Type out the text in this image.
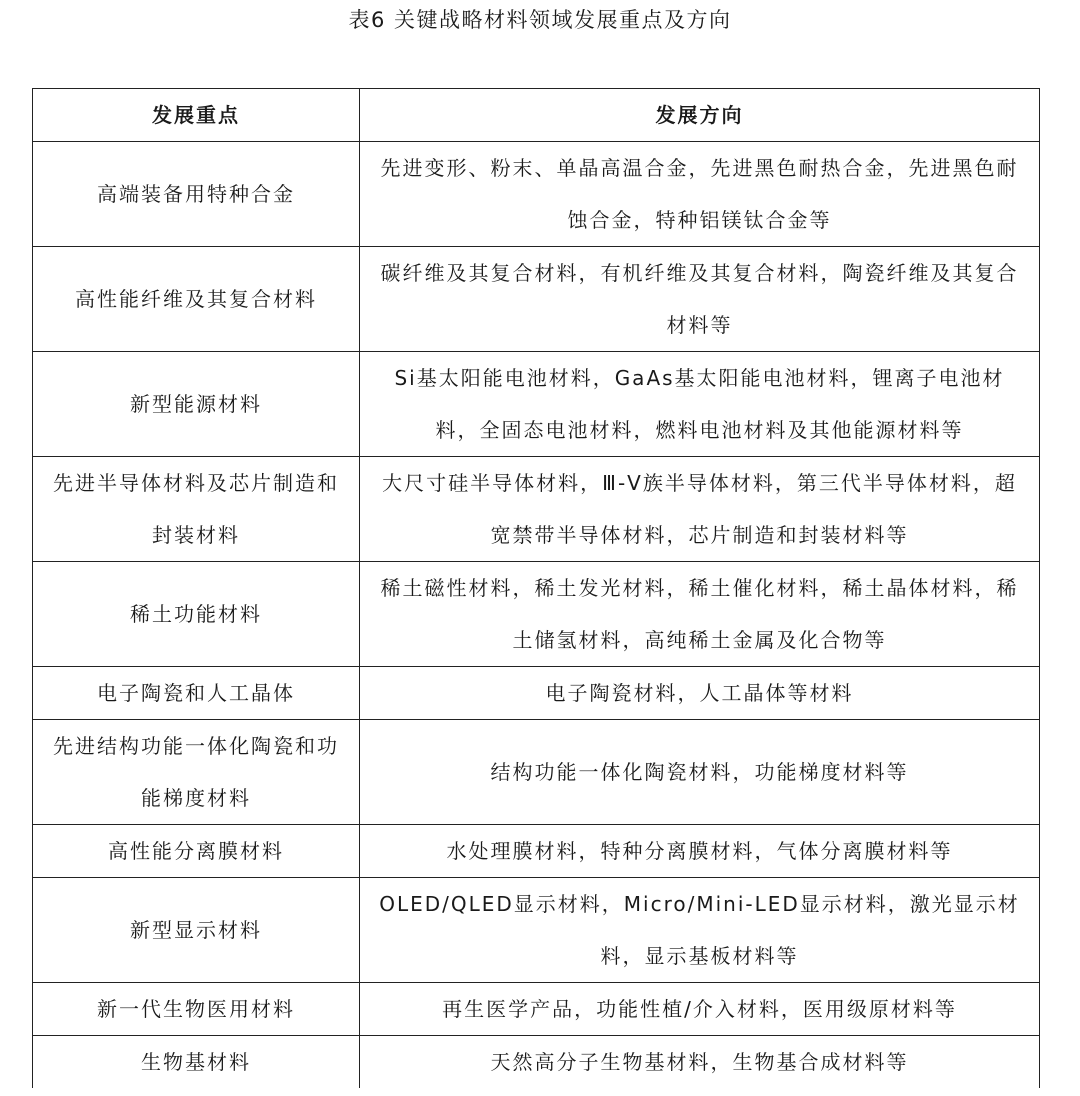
表6 关键战略材料领域发展重点及方向
发展重点	发展方向
高端装备用特种合金	先进变形、粉末、单晶高温合金，先进黑色耐热合金，先进黑色耐蚀合金，特种铝镁钛合金等
高性能纤维及其复合材料	碳纤维及其复合材料，有机纤维及其复合材料，陶瓷纤维及其复合材料等
新型能源材料	Si基太阳能电池材料，GaAs基太阳能电池材料，锂离子电池材料，全固态电池材料，燃料电池材料及其他能源材料等
先进半导体材料及芯片制造和封装材料	大尺寸硅半导体材料，Ⅲ-Ⅴ族半导体材料，第三代半导体材料，超宽禁带半导体材料，芯片制造和封装材料等
稀土功能材料	稀土磁性材料，稀土发光材料，稀土催化材料，稀土晶体材料，稀土储氢材料，高纯稀土金属及化合物等
电子陶瓷和人工晶体	电子陶瓷材料，人工晶体等材料
先进结构功能一体化陶瓷和功能梯度材料	结构功能一体化陶瓷材料，功能梯度材料等
高性能分离膜材料	水处理膜材料，特种分离膜材料，气体分离膜材料等
新型显示材料	OLED/QLED显示材料，Micro/Mini-LED显示材料，激光显示材料，显示基板材料等
新一代生物医用材料	再生医学产品，功能性植/介入材料，医用级原材料等
生物基材料	天然高分子生物基材料，生物基合成材料等
